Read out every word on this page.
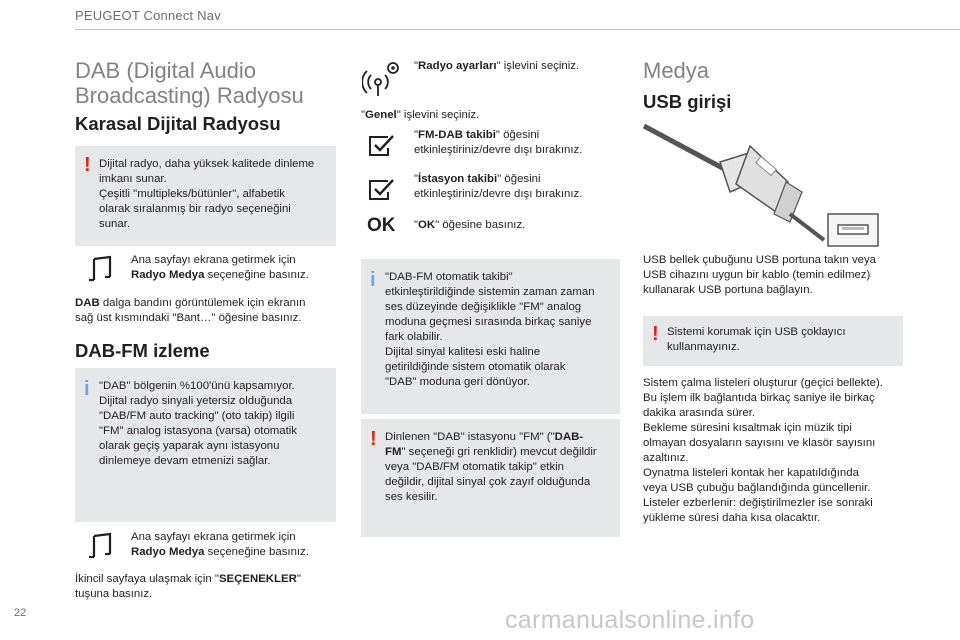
PEUGEOT Connect Nav
DAB (Digital Audio
Broadcasting) Radyosu
Karasal Dijital Radyosu
! Dijital radyo, daha yüksek kalitede dinleme
imkanı sunar.
Çeşitli "multipleks/bütünler", alfabetik
olarak sıralanmış bir radyo seçeneğini
sunar.
Ana sayfayı ekrana getirmek için
Radyo Medya seçeneğine basınız.
DAB dalga bandını görüntülemek için ekranın
sağ üst kısmındaki "Bant…" öğesine basınız.
DAB-FM izleme
i "DAB" bölgenin %100'ünü kapsamıyor.
Dijital radyo sinyali yetersiz olduğunda
"DAB/FM auto tracking" (oto takip) ilgili
"FM" analog istasyona (varsa) otomatik
olarak geçiş yaparak aynı istasyonu
dinlemeye devam etmenizi sağlar.
Ana sayfayı ekrana getirmek için
Radyo Medya seçeneğine basınız.
İkincil sayfaya ulaşmak için "SEÇENEKLER"
tuşuna basınız.
"Radyo ayarları" işlevini seçiniz.
"Genel" işlevini seçiniz.
"FM-DAB takibi" öğesini
etkinleştiriniz/devre dışı bırakınız.
"İstasyon takibi" öğesini
etkinleştiriniz/devre dışı bırakınız.
OK "OK" öğesine basınız.
i "DAB-FM otomatik takibi"
etkinleştirildiğinde sistemin zaman zaman
ses düzeyinde değişiklikle "FM" analog
moduna geçmesi sırasında birkaç saniye
fark olabilir.
Dijital sinyal kalitesi eski haline
getirildiğinde sistem otomatik olarak
"DAB" moduna geri dönüyor.
! Dinlenen "DAB" istasyonu "FM" ("DAB-
FM" seçeneği gri renklidir) mevcut değildir
veya "DAB/FM otomatik takip" etkin
değildir, dijital sinyal çok zayıf olduğunda
ses kesilir.
Medya
USB girişi
USB bellek çubuğunu USB portuna takın veya
USB cihazını uygun bir kablo (temin edilmez)
kullanarak USB portuna bağlayın.
! Sistemi korumak için USB çoklayıcı
kullanmayınız.
Sistem çalma listeleri oluşturur (geçici bellekte).
Bu işlem ilk bağlantıda birkaç saniye ile birkaç
dakika arasında sürer.
Bekleme süresini kısaltmak için müzik tipi
olmayan dosyaların sayısını ve klasör sayısını
azaltınız.
Oynatma listeleri kontak her kapatıldığında
veya USB çubuğu bağlandığında güncellenir.
Listeler ezberlenir: değiştirilmezler ise sonraki
yükleme süresi daha kısa olacaktır.
22	carmanualsonline.info
